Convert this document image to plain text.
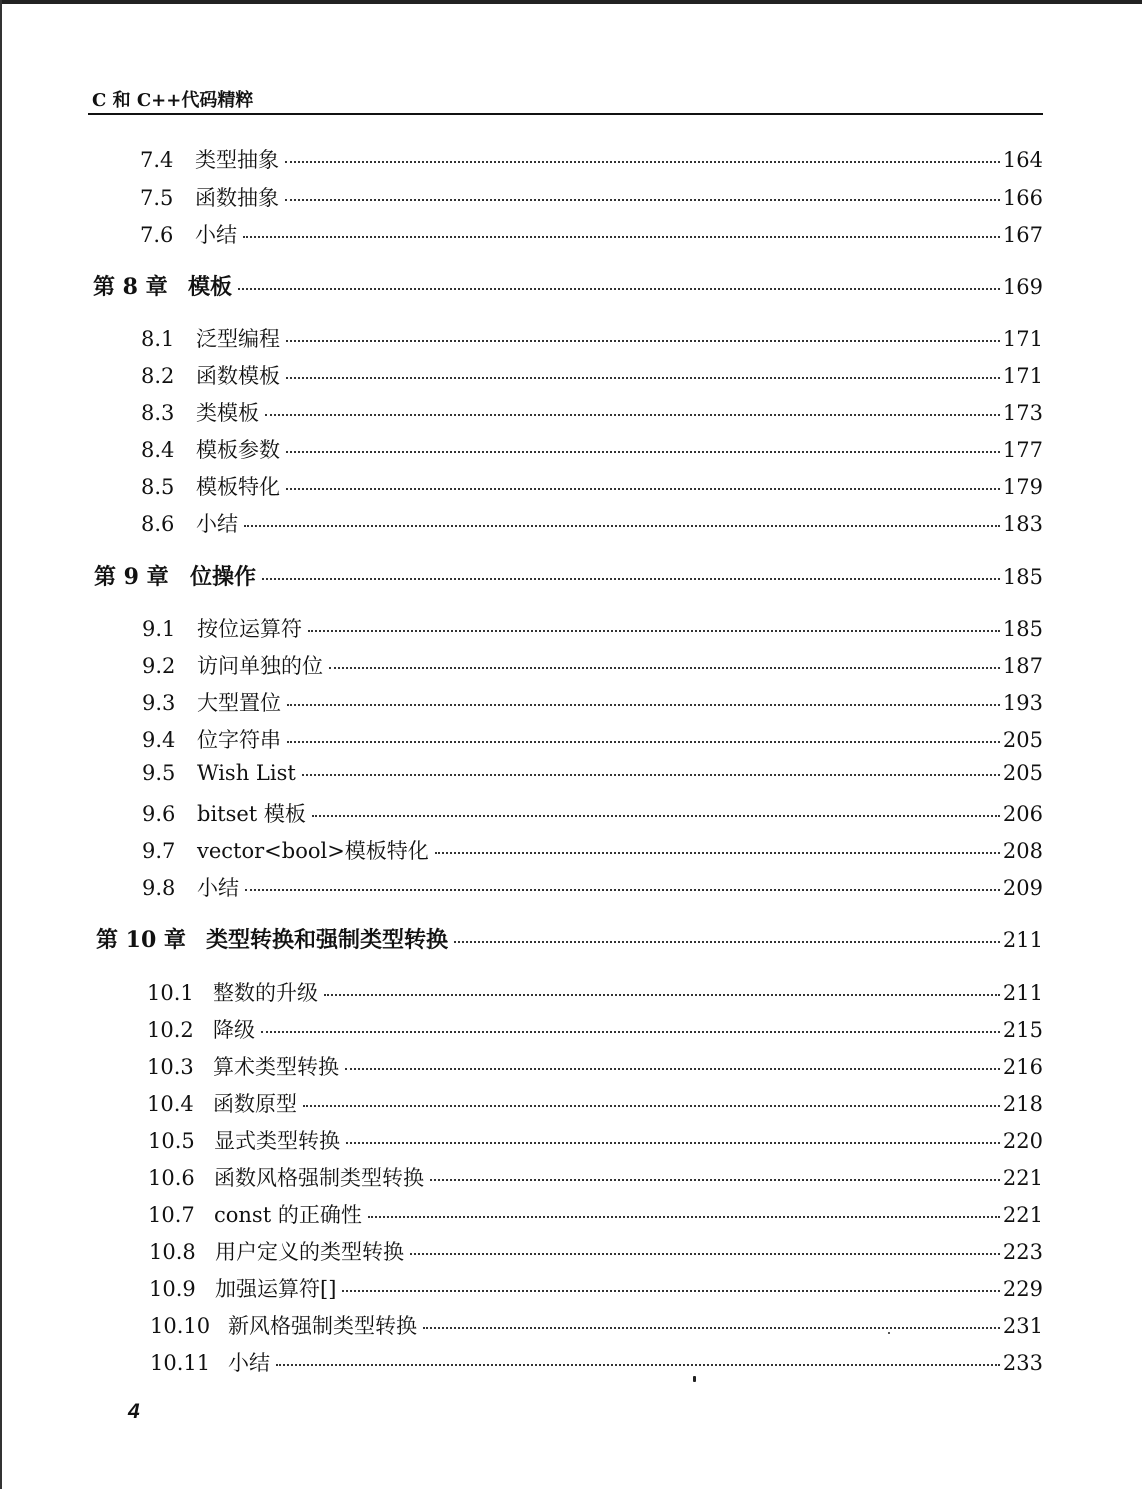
C 和 C++代码精粹
7.4	类型抽象	164
7.5	函数抽象	166
7.6	小结	167
第 8 章 模板	169
8.1	泛型编程	171
8.2	函数模板	171
8.3	类模板	173
8.4	模板参数	177
8.5	模板特化	179
8.6	小结	183
第 9 章 位操作	185
9.1	按位运算符	185
9.2	访问单独的位	187
9.3	大型置位	193
9.4	位字符串	205
9.5	Wish List	205
9.6	bitset 模板	206
9.7	vector<bool>模板特化	208
9.8	小结	209
第 10 章 类型转换和强制类型转换	211
10.1 整数的升级	211
10.2 降级	215
10.3 算术类型转换	216
10.4 函数原型	218
10.5 显式类型转换	220
10.6 函数风格强制类型转换	221
10.7 const 的正确性	221
10.8 用户定义的类型转换	223
10.9 加强运算符[]	229
10.10 新风格强制类型转换	231
10.11 小结	233
4
